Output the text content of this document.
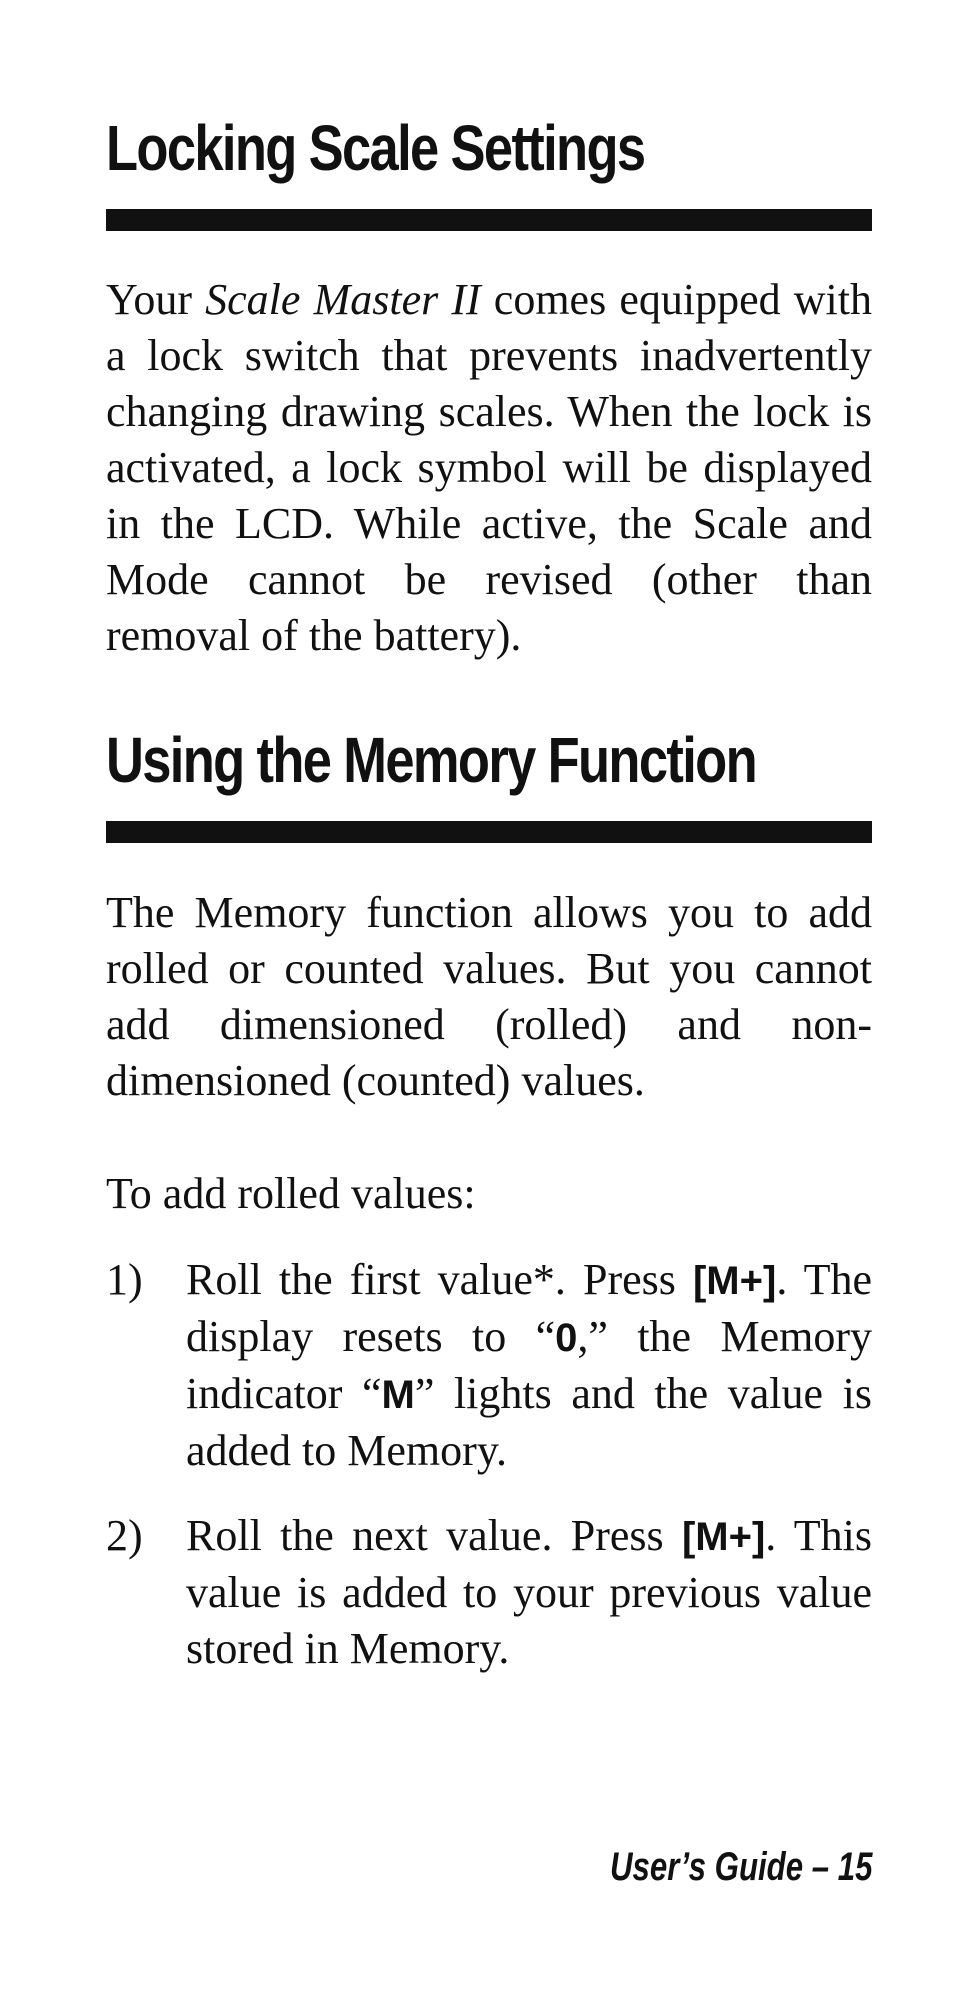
Locking Scale Settings

Your Scale Master II comes equipped with a lock switch that prevents inadvertently changing drawing scales. When the lock is activated, a lock symbol will be displayed in the LCD. While active, the Scale and Mode cannot be revised (other than removal of the battery).

Using the Memory Function

The Memory function allows you to add rolled or counted values. But you cannot add dimensioned (rolled) and non-dimensioned (counted) values.

To add rolled values:

1) Roll the first value*. Press [M+]. The display resets to “0,” the Memory indicator “M” lights and the value is added to Memory.
2) Roll the next value. Press [M+]. This value is added to your previous value stored in Memory.
User’s Guide – 15
